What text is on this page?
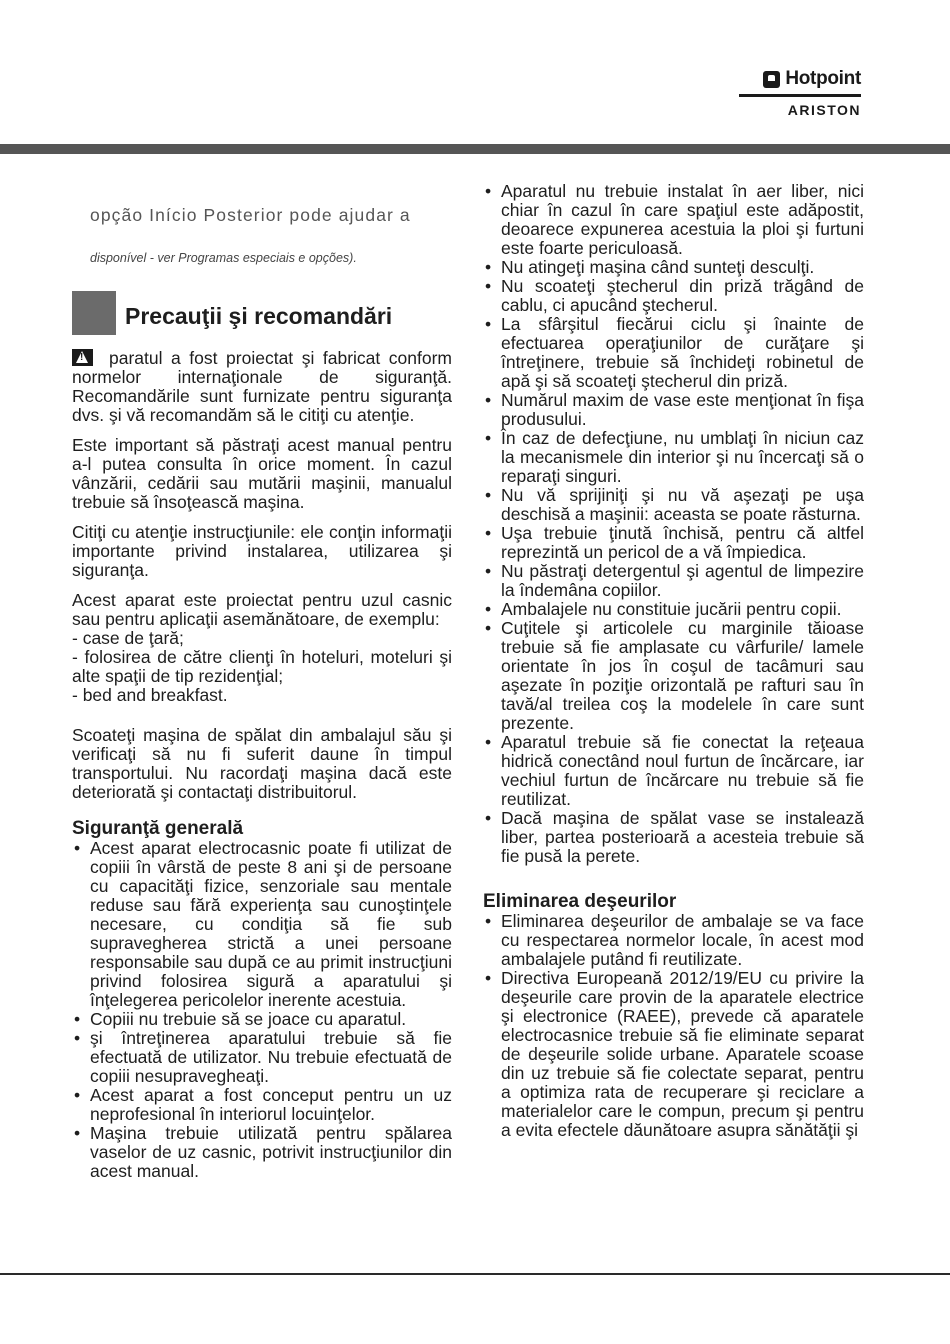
Hotpoint
ARISTON

opção Início Posterior pode ajudar a

disponível - ver Programas especiais e opções).

Precauţii şi recomandări

!paratul a fost proiectat şi fabricat conform normelor internaţionale de siguranţă. Recomandările sunt furnizate pentru siguranţa dvs. şi vă recomandăm să le citiţi cu atenţie.

Este important să păstraţi acest manual pentru a-l putea consulta în orice moment. În cazul vânzării, cedării sau mutării maşinii, manualul trebuie să însoţească maşina.

Citiţi cu atenţie instrucţiunile: ele conţin informaţii importante privind instalarea, utilizarea şi siguranţa.

Acest aparat este proiectat pentru uzul casnic sau pentru aplicaţii asemănătoare, de exemplu:

- case de ţară;

- folosirea de către clienţi în hoteluri, moteluri şi alte spaţii de tip rezidenţial;

- bed and breakfast.

Scoateţi maşina de spălat din ambalajul său şi verificaţi să nu fi suferit daune în timpul transportului. Nu racordaţi maşina dacă este deteriorată şi contactaţi distribuitorul.

Siguranţă generală
• Acest aparat electrocasnic poate fi utilizat de copiii în vârstă de peste 8 ani şi de persoane cu capacităţi fizice, senzoriale sau mentale reduse sau fără experienţa sau cunoştinţele necesare, cu condiţia să fie sub supravegherea strictă a unei persoane responsabile sau după ce au primit instrucţiuni privind folosirea sigură a aparatului şi înţelegerea pericolelor inerente acestuia.
• Copiii nu trebuie să se joace cu aparatul.
• şi întreţinerea aparatului trebuie să fie efectuată de utilizator. Nu trebuie efectuată de copiii nesupravegheaţi.
• Acest aparat a fost conceput pentru un uz neprofesional în interiorul locuinţelor.
• Maşina trebuie utilizată pentru spălarea vaselor de uz casnic, potrivit instrucţiunilor din acest manual.
• Aparatul nu trebuie instalat în aer liber, nici chiar în cazul în care spaţiul este adăpostit, deoarece expunerea acestuia la ploi şi furtuni este foarte periculoasă.
• Nu atingeţi maşina când sunteţi desculţi.
• Nu scoateţi ştecherul din priză trăgând de cablu, ci apucând ştecherul.
• La sfârşitul fiecărui ciclu şi înainte de efectuarea operaţiunilor de curăţare şi întreţinere, trebuie să închideţi robinetul de apă şi să scoateţi ştecherul din priză.
• Numărul maxim de vase este menţionat în fişa produsului.
• În caz de defecţiune, nu umblaţi în niciun caz la mecanismele din interior şi nu încercaţi să o reparaţi singuri.
• Nu vă sprijiniţi şi nu vă aşezaţi pe uşa deschisă a maşinii: aceasta se poate răsturna.
• Uşa trebuie ţinută închisă, pentru că altfel reprezintă un pericol de a vă împiedica.
• Nu păstraţi detergentul şi agentul de limpezire la îndemâna copiilor.
• Ambalajele nu constituie jucării pentru copii.
• Cuţitele şi articolele cu marginile tăioase trebuie să fie amplasate cu vârfurile/ lamele orientate în jos în coşul de tacâmuri sau aşezate în poziţie orizontală pe rafturi sau în tavă/al treilea coş la modelele în care sunt prezente.
• Aparatul trebuie să fie conectat la reţeaua hidrică conectând noul furtun de încărcare, iar vechiul furtun de încărcare nu trebuie să fie reutilizat.
• Dacă maşina de spălat vase se instalează liber, partea posterioară a acesteia trebuie să fie pusă la perete.
Eliminarea deşeurilor
• Eliminarea deşeurilor de ambalaje se va face cu respectarea normelor locale, în acest mod ambalajele putând fi reutilizate.
• Directiva Europeană 2012/19/EU cu privire la deşeurile care provin de la aparatele electrice şi electronice (RAEE), prevede că aparatele electrocasnice trebuie să fie eliminate separat de deşeurile solide urbane. Aparatele scoase din uz trebuie să fie colectate separat, pentru a optimiza rata de recuperare şi reciclare a materialelor care le compun, precum şi pentru a evita efectele dăunătoare asupra sănătăţii şi
